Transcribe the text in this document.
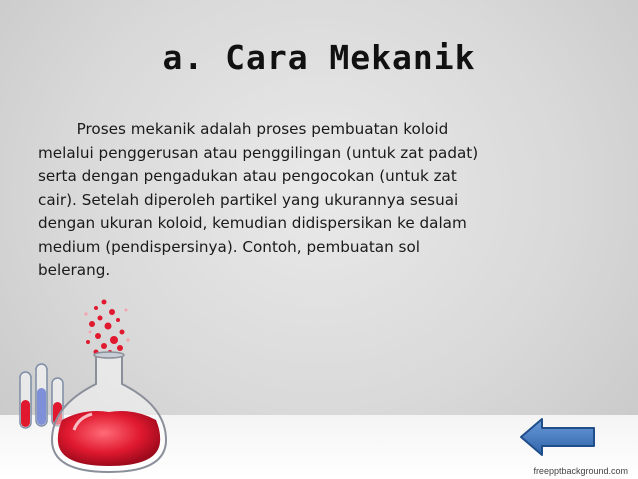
a. Cara Mekanik

Proses mekanik adalah proses pembuatan koloid
melalui penggerusan atau penggilingan (untuk zat padat)
serta dengan pengadukan atau pengocokan (untuk zat
cair). Setelah diperoleh partikel yang ukurannya sesuai
dengan ukuran koloid, kemudian didispersikan ke dalam
medium (pendispersinya). Contoh, pembuatan sol
belerang.

freepptbackground.com
